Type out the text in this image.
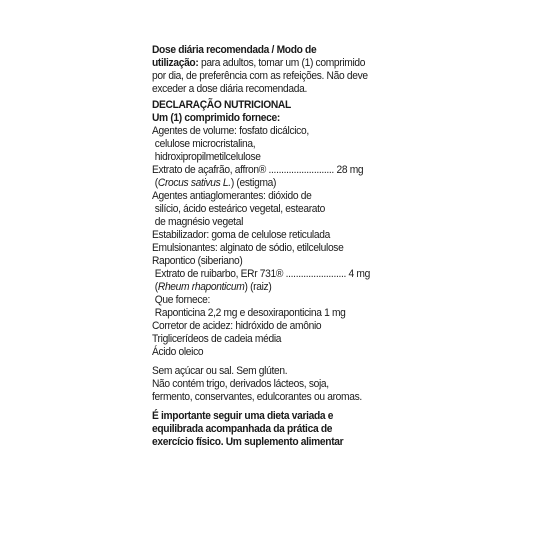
Dose diária recomendada / Modo de
utilização: para adultos, tomar um (1) comprimido
por dia, de preferência com as refeições. Não deve
exceder a dose diária recomendada.
DECLARAÇÃO NUTRICIONAL
Um (1) comprimido fornece:
Agentes de volume: fosfato dicálcico,
celulose microcristalina,
hidroxipropilmetilcelulose
Extrato de açafrão, affron® .......................... 28 mg
(Crocus sativus L.) (estigma)
Agentes antiaglomerantes: dióxido de
silício, ácido esteárico vegetal, estearato
de magnésio vegetal
Estabilizador: goma de celulose reticulada
Emulsionantes: alginato de sódio, etilcelulose
Rapontico (siberiano)
Extrato de ruibarbo, ERr 731® ........................ 4 mg
(Rheum rhaponticum) (raiz)
Que fornece:
Raponticina 2,2 mg e desoxiraponticina 1 mg
Corretor de acidez: hidróxido de amônio
Triglicerídeos de cadeia média
Ácido oleico
Sem açúcar ou sal. Sem glúten.
Não contém trigo, derivados lácteos, soja,
fermento, conservantes, edulcorantes ou aromas.
É importante seguir uma dieta variada e
equilibrada acompanhada da prática de
exercício físico. Um suplemento alimentar
